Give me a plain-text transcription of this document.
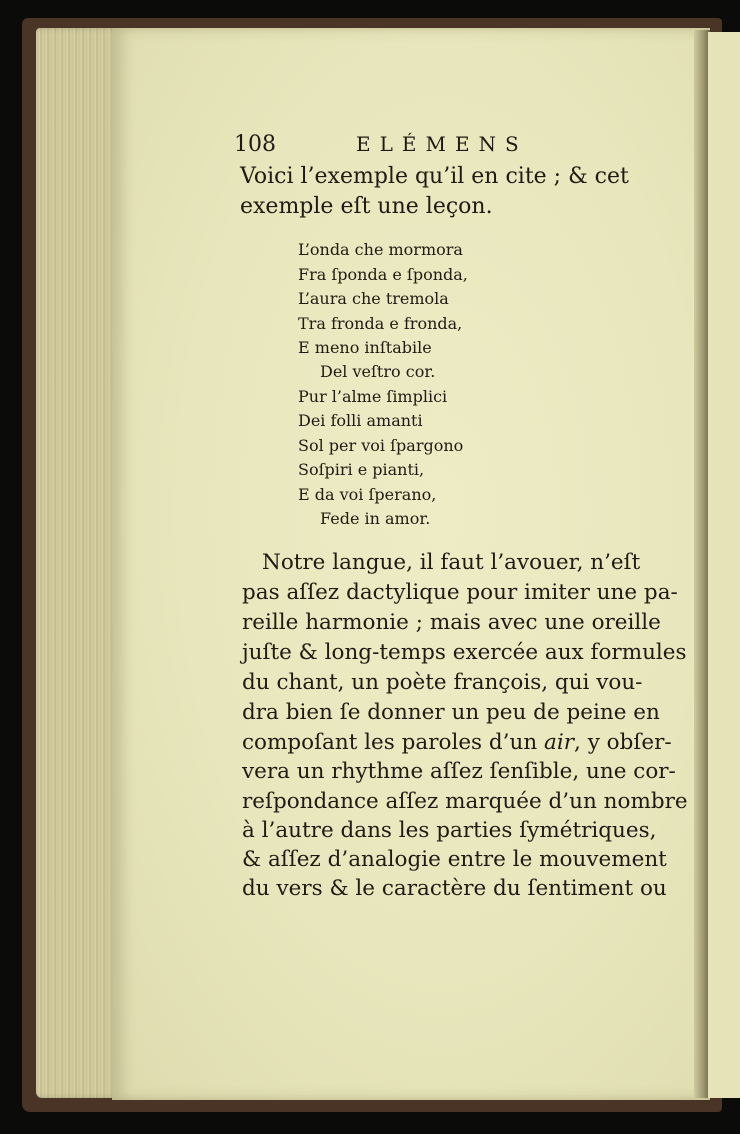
108	ELÉMENS
Voici l’exemple qu’il en cite ; & cet
exemple eſt une leçon.
L’onda che mormora
Fra ſponda e ſponda,
L’aura che tremola
Tra fronda e fronda,
E meno inſtabile
Del veſtro cor.
Pur l’alme ſimplici
Dei folli amanti
Sol per voi ſpargono
Soſpiri e pianti,
E da voi ſperano,
Fede in amor.
Notre langue, il faut l’avouer, n’eſt
pas aſſez dactylique pour imiter une pa-
reille harmonie ; mais avec une oreille
juſte & long-temps exercée aux formules
du chant, un poète françois, qui vou-
dra bien ſe donner un peu de peine en
compoſant les paroles d’un air, y obſer-
vera un rhythme aſſez ſenſible, une cor-
reſpondance aſſez marquée d’un nombre
à l’autre dans les parties ſymétriques,
& aſſez d’analogie entre le mouvement
du vers & le caractère du ſentiment ou
